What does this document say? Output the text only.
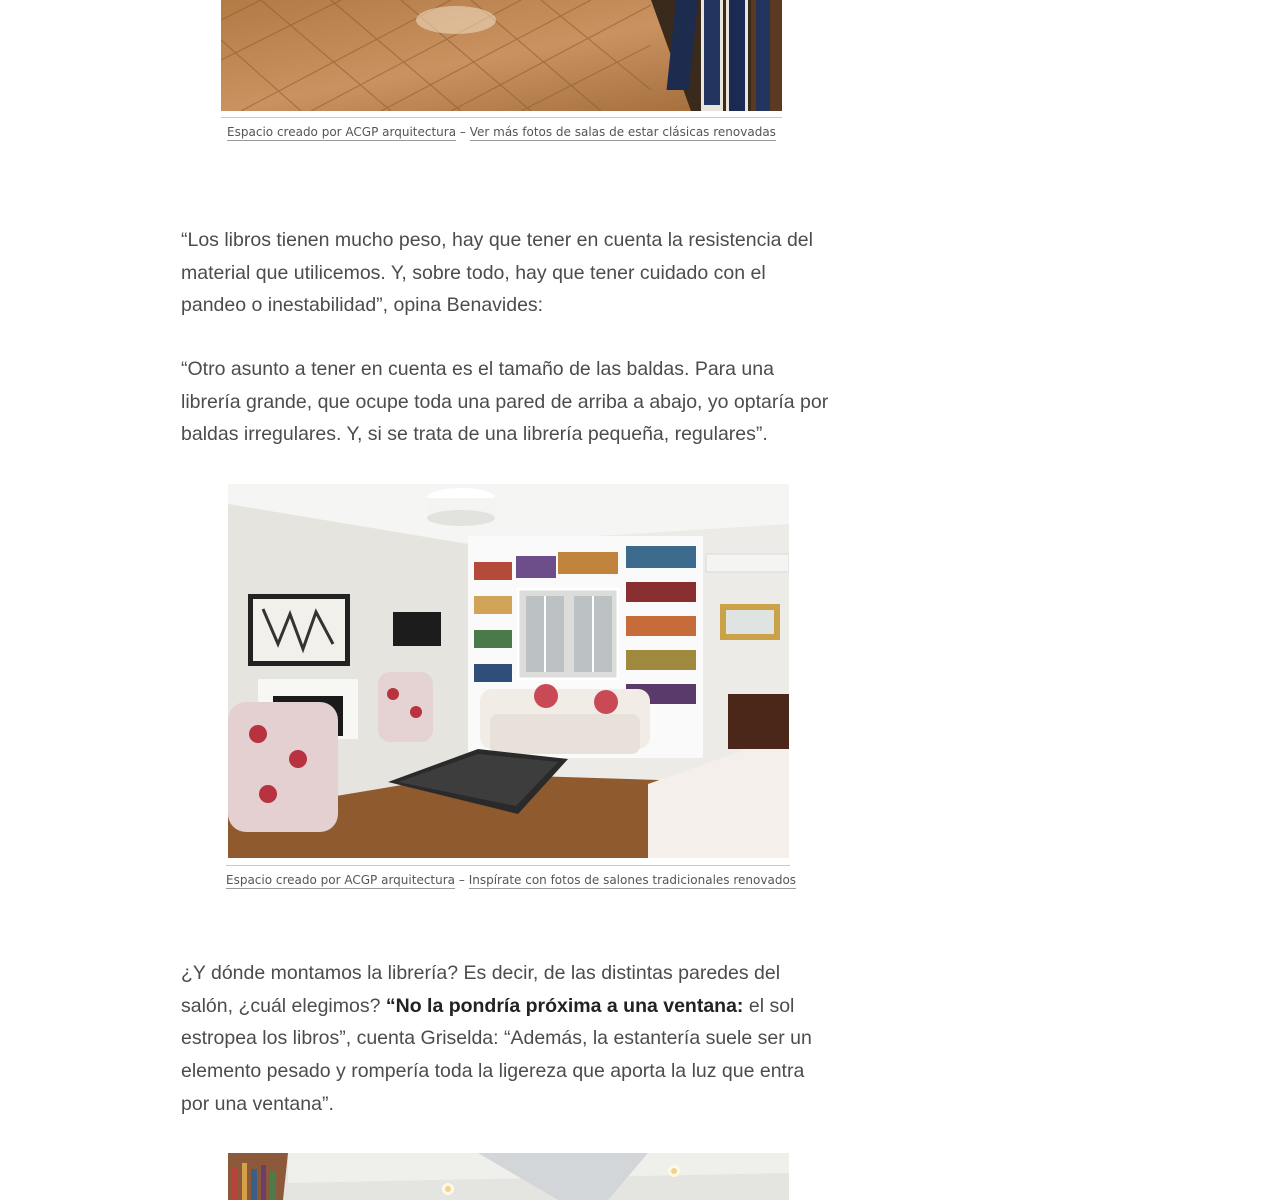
Espacio creado por ACGP arquitectura – Ver más fotos de salas de estar clásicas renovadas

“Los libros tienen mucho peso, hay que tener en cuenta la resistencia del material que utilicemos. Y, sobre todo, hay que tener cuidado con el pandeo o inestabilidad”, opina Benavides:

“Otro asunto a tener en cuenta es el tamaño de las baldas. Para una librería grande, que ocupe toda una pared de arriba a abajo, yo optaría por baldas irregulares. Y, si se trata de una librería pequeña, regulares”.

Espacio creado por ACGP arquitectura – Inspírate con fotos de salones tradicionales renovados

¿Y dónde montamos la librería? Es decir, de las distintas paredes del salón, ¿cuál elegimos? “No la pondría próxima a una ventana: el sol estropea los libros”, cuenta Griselda: “Además, la estantería suele ser un elemento pesado y rompería toda la ligereza que aporta la luz que entra por una ventana”.
